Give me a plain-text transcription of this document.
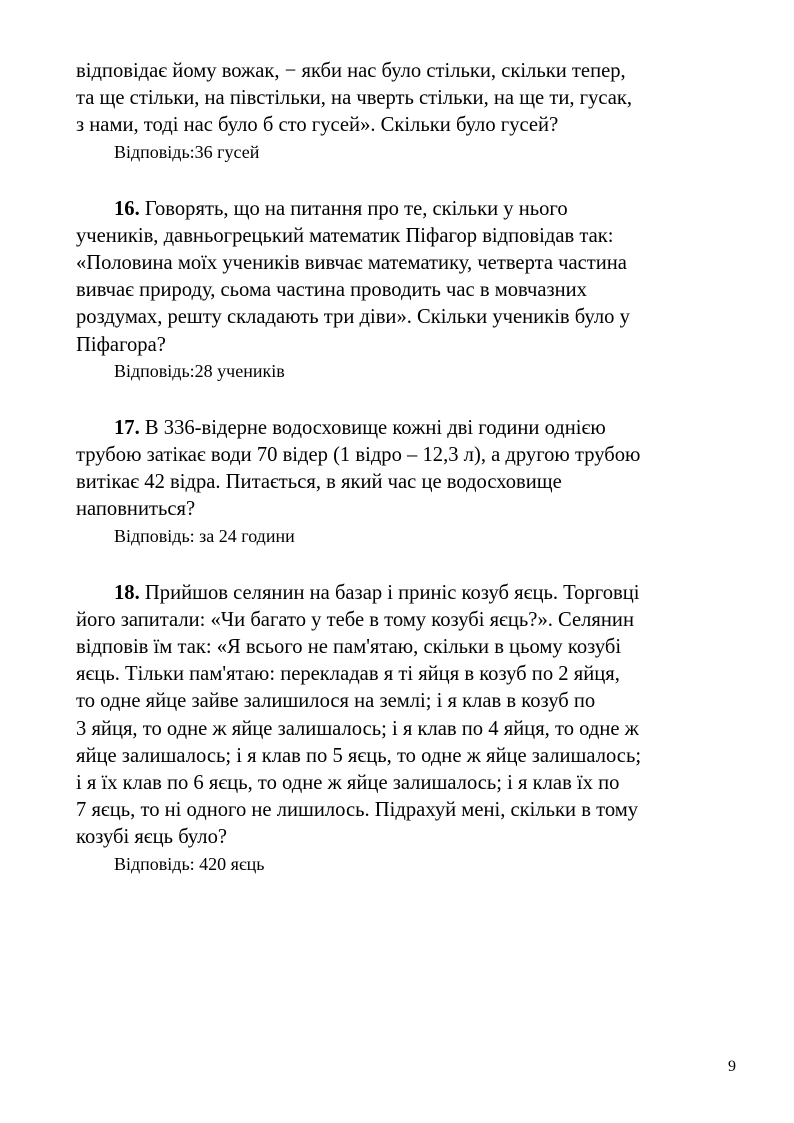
відповідає йому вожак, − якби нас було стільки, скільки тепер,
та ще стільки, на півстільки, на чверть стільки, на ще ти, гусак,
з нами, тоді нас було б сто гусей». Скільки було гусей?
Відповідь:36 гусей
16. Говорять, що на питання про те, скільки у нього
учеників, давньогрецький математик Піфагор відповідав так:
«Половина моїх учеників вивчає математику, четверта частина
вивчає природу, сьома частина проводить час в мовчазних
роздумах, решту складають три діви». Скільки учеників було у
Піфагора?
Відповідь:28 учеників
17. В 336-відерне водосховище кожні дві години однією
трубою затікає води 70 відер (1 відро – 12,3 л), а другою трубою
витікає 42 відра. Питається, в який час це водосховище
наповниться?
Відповідь: за 24 години
18. Прийшов селянин на базар і приніс козуб яєць. Торговці
його запитали: «Чи багато у тебе в тому козубі яєць?». Селянин
відповів їм так: «Я всього не пам'ятаю, скільки в цьому козубі
яєць. Тільки пам'ятаю: перекладав я ті яйця в козуб по 2 яйця,
то одне яйце зайве залишилося на землі; і я клав в козуб по
3 яйця, то одне ж яйце залишалось; і я клав по 4 яйця, то одне ж
яйце залишалось; і я клав по 5 яєць, то одне ж яйце залишалось;
і я їх клав по 6 яєць, то одне ж яйце залишалось; і я клав їх по
7 яєць, то ні одного не лишилось. Підрахуй мені, скільки в тому
козубі яєць було?
Відповідь: 420 яєць
9
